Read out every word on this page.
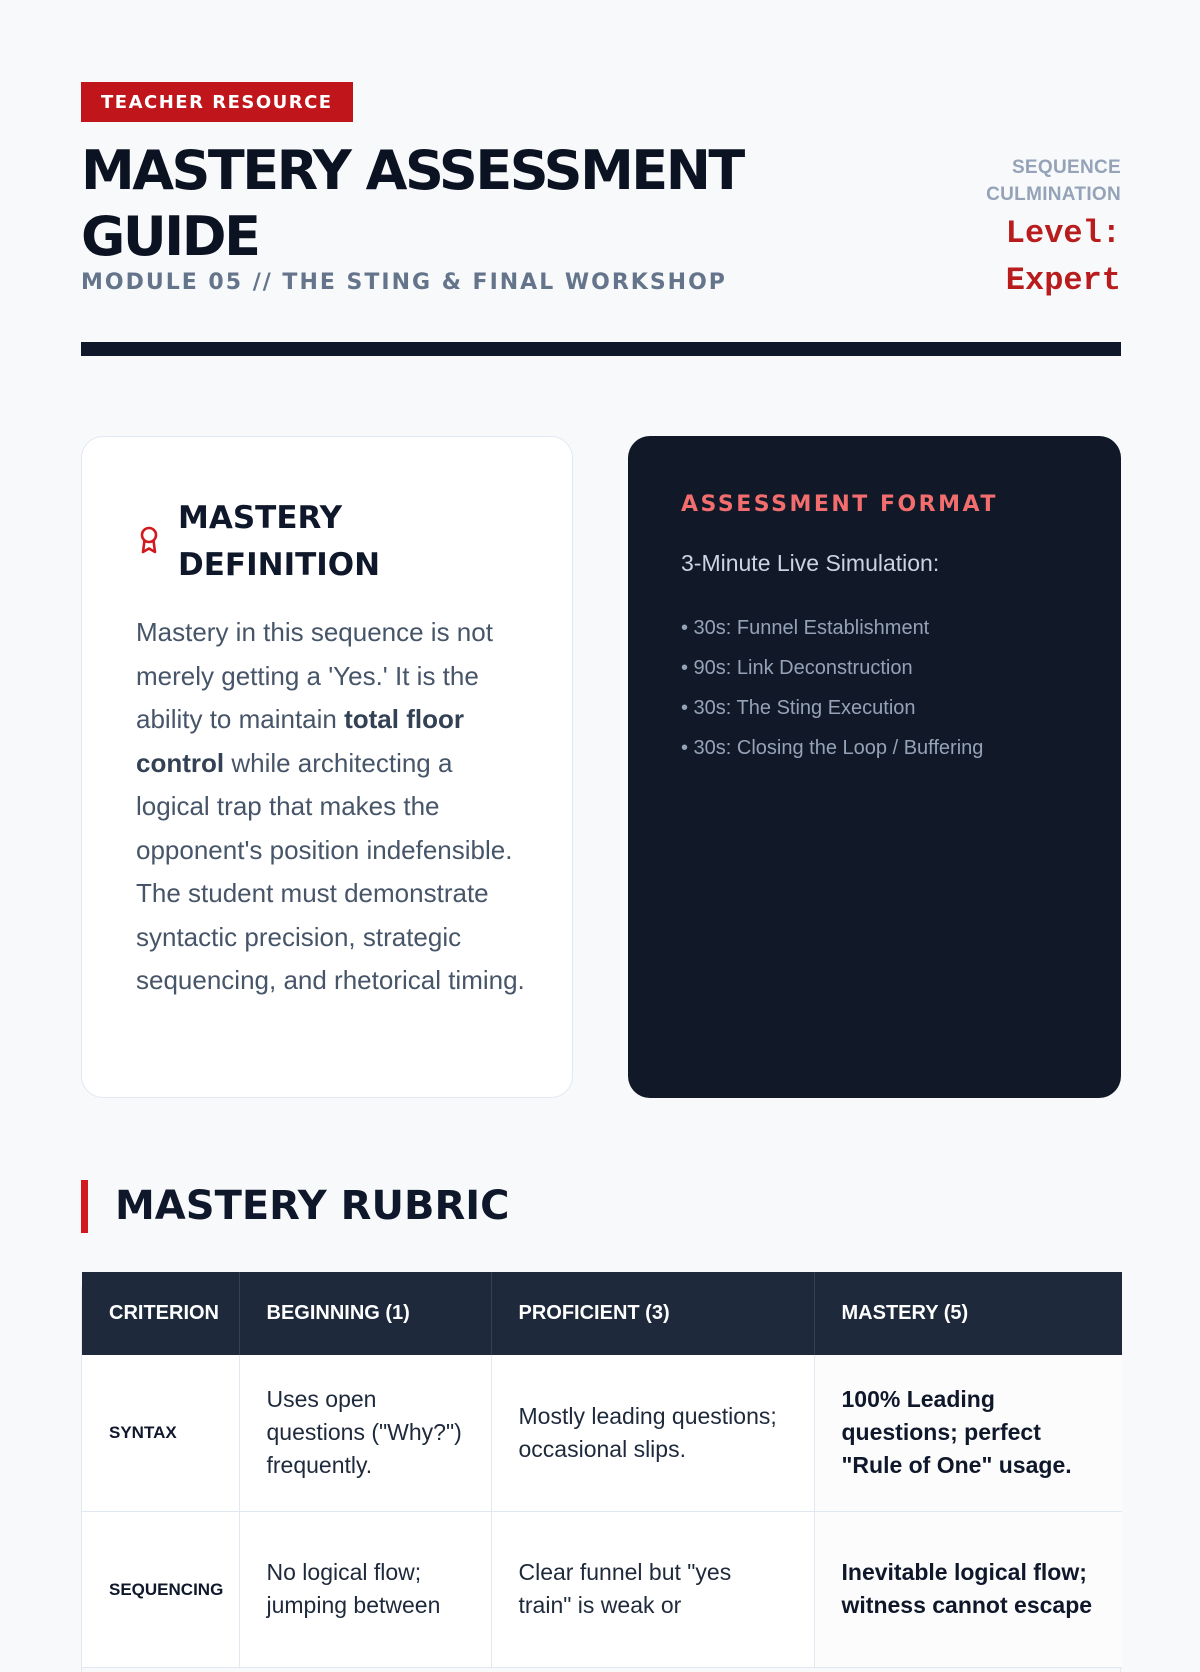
TEACHER RESOURCE
MASTERY ASSESSMENT GUIDE
MODULE 05 // THE STING & FINAL WORKSHOP
SEQUENCE CULMINATION
Level: Expert
MASTERY DEFINITION

Mastery in this sequence is not merely getting a 'Yes.' It is the ability to maintain total floor control while architecting a logical trap that makes the opponent's position indefensible. The student must demonstrate syntactic precision, strategic sequencing, and rhetorical timing.

ASSESSMENT FORMAT
3-Minute Live Simulation:
• 30s: Funnel Establishment
• 90s: Link Deconstruction
• 30s: The Sting Execution
• 30s: Closing the Loop / Buffering
MASTERY RUBRIC
CRITERION	BEGINNING (1)	PROFICIENT (3)	MASTERY (5)
SYNTAX	Uses open questions ("Why?") frequently.	Mostly leading questions; occasional slips.	100% Leading questions; perfect "Rule of One" usage.
SEQUENCING	No logical flow; jumping between	Clear funnel but "yes train" is weak or	Inevitable logical flow; witness cannot escape
